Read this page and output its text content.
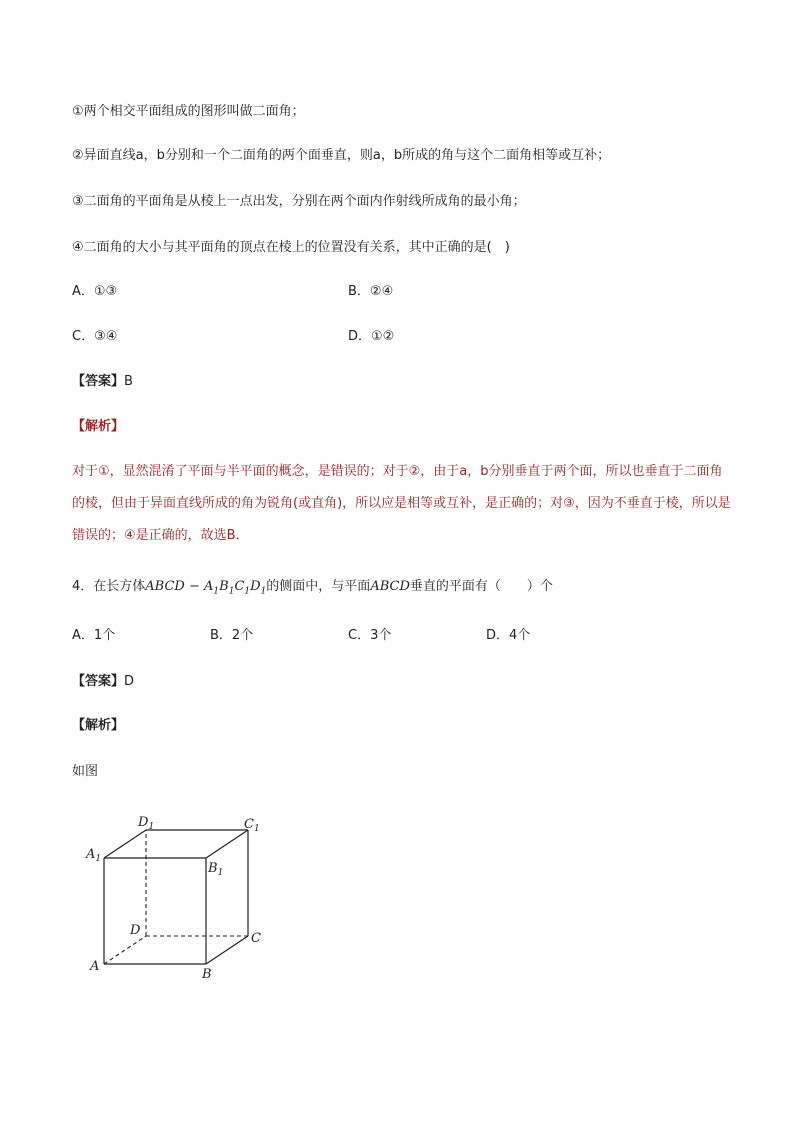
①两个相交平面组成的图形叫做二面角；
②异面直线a，b分别和一个二面角的两个面垂直，则a，b所成的角与这个二面角相等或互补；
③二面角的平面角是从棱上一点出发，分别在两个面内作射线所成角的最小角；
④二面角的大小与其平面角的顶点在棱上的位置没有关系，其中正确的是(　)
A．①③	B．②④
C．③④	D．①②
【答案】B
【解析】
对于①，显然混淆了平面与半平面的概念，是错误的；对于②，由于a，b分别垂直于两个面，所以也垂直于二面角的棱，但由于异面直线所成的角为锐角(或直角)，所以应是相等或互补，是正确的；对③，因为不垂直于棱，所以是错误的；④是正确的，故选B．
4．在长方体ABCD − $A_1B_1C_1D_1$的侧面中，与平面ABCD垂直的平面有（　　）个
A．1个	B．2个	C．3个	D．4个
【答案】D
【解析】
如图
$D_1$	$C_1$
$A_1$
$B_1$
D
C
A
B
